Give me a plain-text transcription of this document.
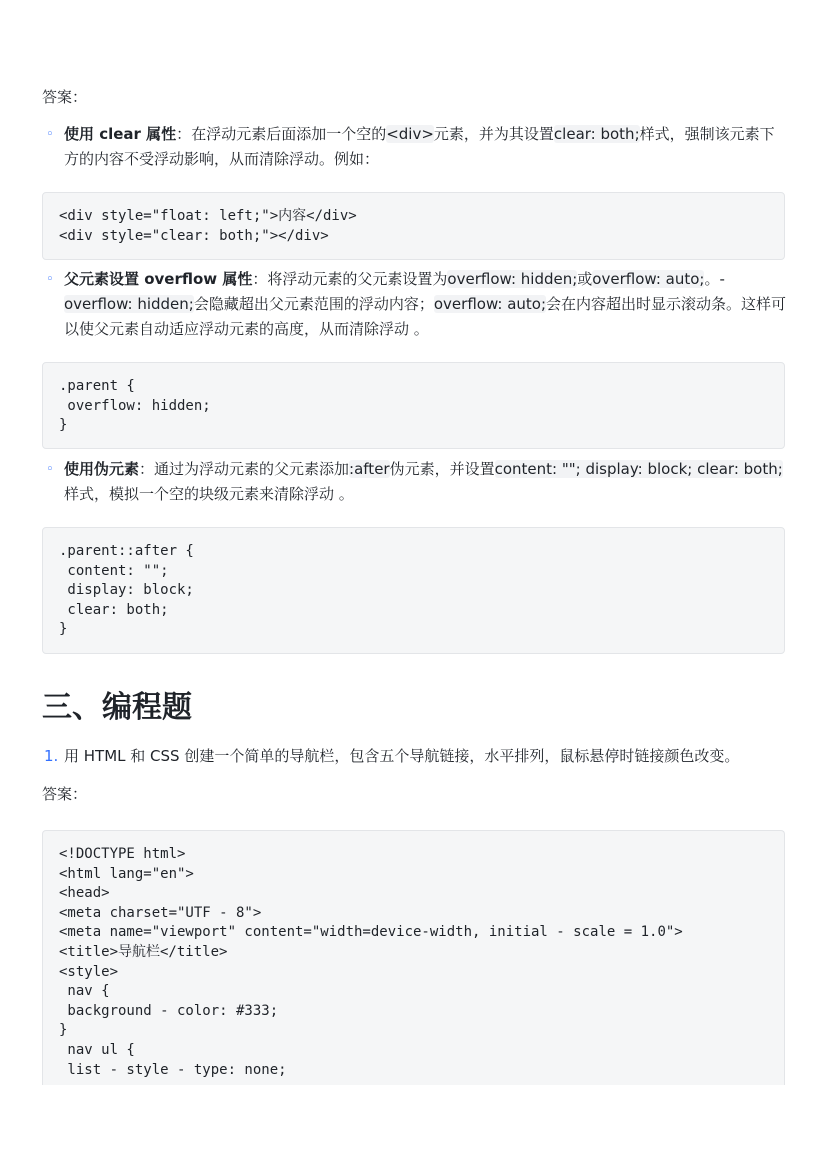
答案：
◦ 使用 clear 属性：在浮动元素后面添加一个空的<div>元素，并为其设置clear: both;样式，强制该元素下方的内容不受浮动影响，从而清除浮动。例如：
<div style="float: left;">内容</div>
<div style="clear: both;"></div>
◦ 父元素设置 overflow 属性：将浮动元素的父元素设置为overflow: hidden;或overflow: auto;。- overflow: hidden;会隐藏超出父元素范围的浮动内容；overflow: auto;会在内容超出时显示滚动条。这样可以使父元素自动适应浮动元素的高度，从而清除浮动 。
.parent {
overflow: hidden;
}
◦ 使用伪元素：通过为浮动元素的父元素添加:after伪元素，并设置content: ""; display: block; clear: both;样式，模拟一个空的块级元素来清除浮动 。
.parent::after {
content: "";
display: block;
clear: both;
}
三、编程题
1. 用 HTML 和 CSS 创建一个简单的导航栏，包含五个导航链接，水平排列，鼠标悬停时链接颜色改变。
答案：
<!DOCTYPE html>
<html lang="en">
<head>
<meta charset="UTF - 8">
<meta name="viewport" content="width=device-width, initial - scale = 1.0">
<title>导航栏</title>
<style>
nav {
background - color: #333;
}
nav ul {
list - style - type: none;
